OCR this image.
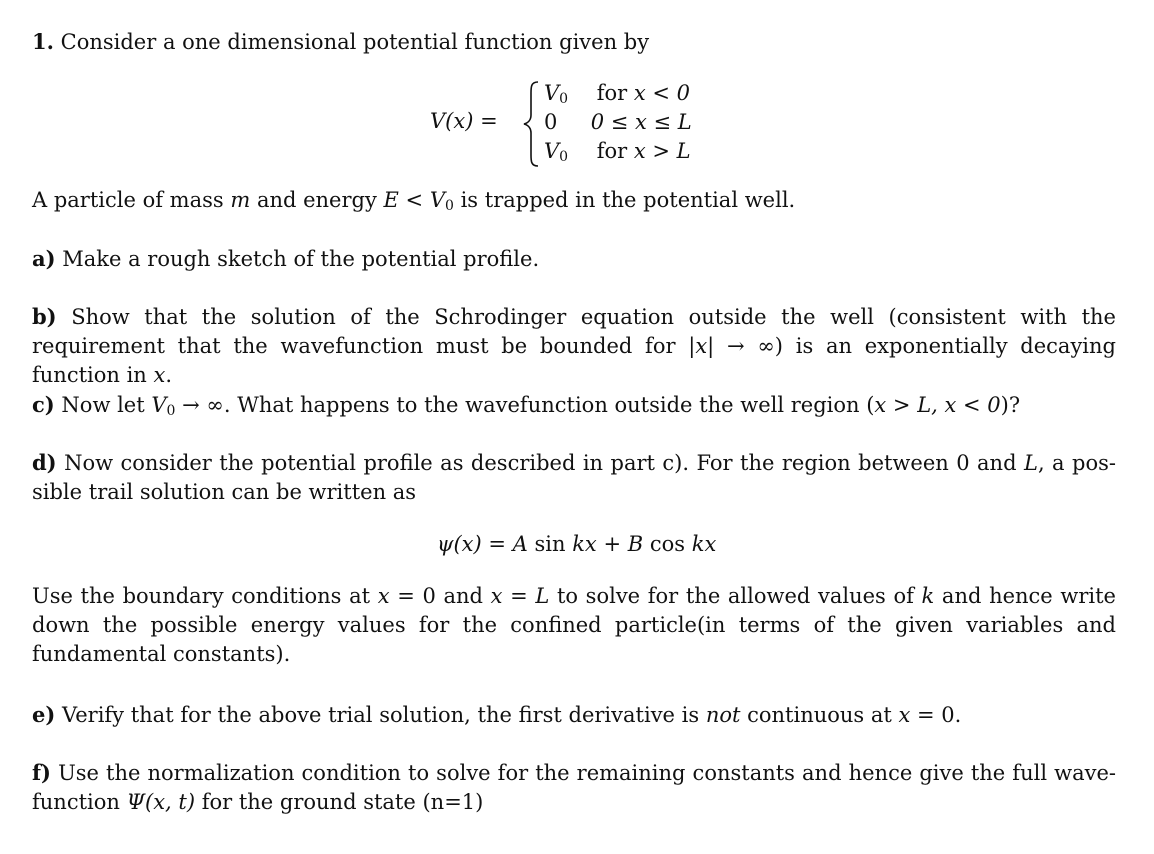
1. Consider a one dimensional potential function given by

V(x) =
$V_0$ for x < 0
0 0 ≤ x ≤ L
$V_0$ for x > L

A particle of mass m and energy $E < V_0$ is trapped in the potential well.

a) Make a rough sketch of the potential profile.

b) Show that the solution of the Schrodinger equation outside the well (consistent with the requirement that the wavefunction must be bounded for |x| → ∞) is an exponentially decaying function in x.

c) Now let $V_0$ → ∞. What happens to the wavefunction outside the well region (x > L, x < 0)?

d) Now consider the potential profile as described in part c). For the region between 0 and L, a pos- sible trail solution can be written as

ψ(x) = A sin kx + B cos kx

Use the boundary conditions at x = 0 and x = L to solve for the allowed values of k and hence write down the possible energy values for the confined particle(in terms of the given variables and fundamental constants).

e) Verify that for the above trial solution, the first derivative is not continuous at x = 0.

f) Use the normalization condition to solve for the remaining constants and hence give the full wave- function Ψ(x, t) for the ground state (n=1)
